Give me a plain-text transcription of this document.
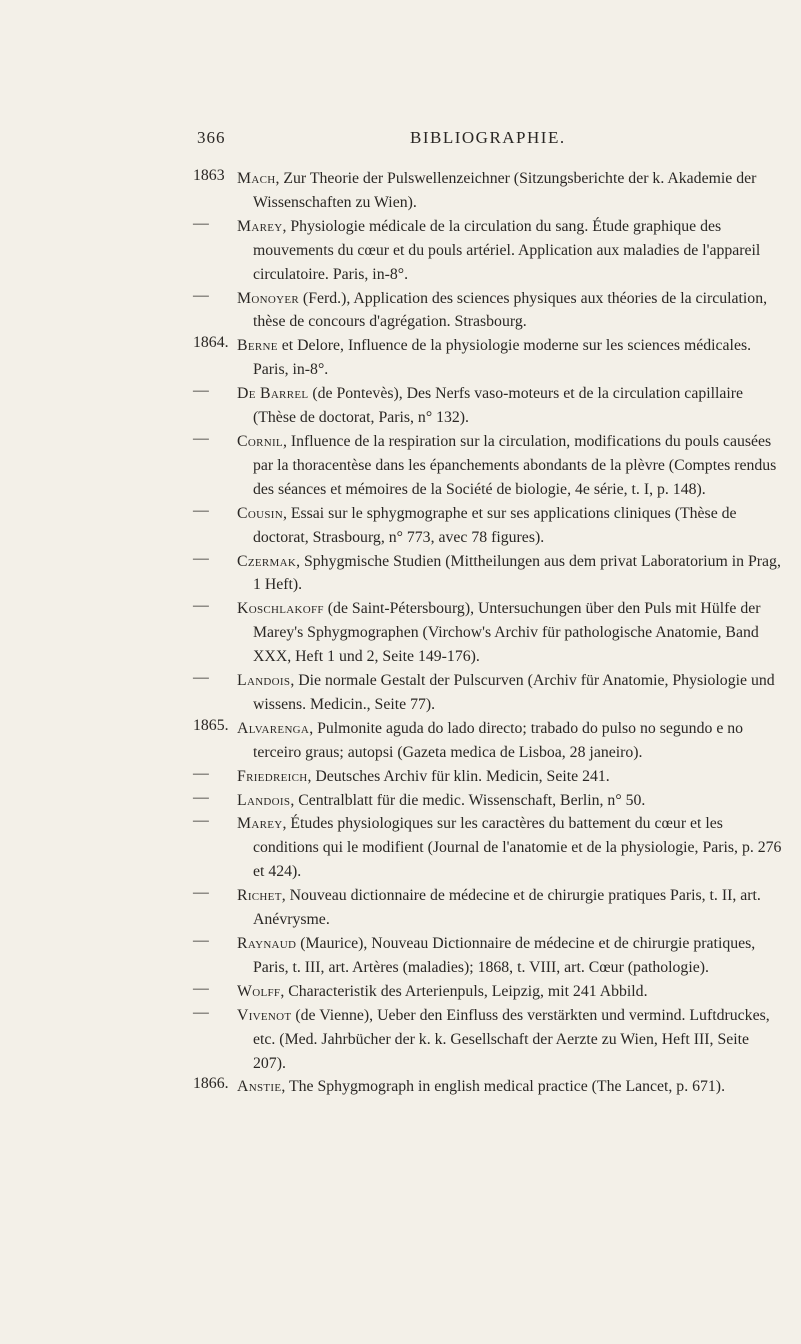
366	BIBLIOGRAPHIE.
1863 Mach, Zur Theorie der Pulswellenzeichner (Sitzungsberichte der k. Akademie der Wissenschaften zu Wien).
—	Marey, Physiologie médicale de la circulation du sang. Étude graphique des mouvements du cœur et du pouls artériel. Application aux maladies de l'appareil circulatoire. Paris, in-8°.
—	Monoyer (Ferd.), Application des sciences physiques aux théories de la circulation, thèse de concours d'agrégation. Strasbourg.
1864. Berne et Delore, Influence de la physiologie moderne sur les sciences médicales. Paris, in-8°.
—	De Barrel (de Pontevès), Des Nerfs vaso-moteurs et de la circulation capillaire (Thèse de doctorat, Paris, n° 132).
—	Cornil, Influence de la respiration sur la circulation, modifications du pouls causées par la thoracentèse dans les épanchements abondants de la plèvre (Comptes rendus des séances et mémoires de la Société de biologie, 4e série, t. I, p. 148).
—	Cousin, Essai sur le sphygmographe et sur ses applications cliniques (Thèse de doctorat, Strasbourg, n° 773, avec 78 figures).
—	Czermak, Sphygmische Studien (Mittheilungen aus dem privat Laboratorium in Prag, 1 Heft).
—	Koschlakoff (de Saint-Pétersbourg), Untersuchungen über den Puls mit Hülfe der Marey's Sphygmographen (Virchow's Archiv für pathologische Anatomie, Band XXX, Heft 1 und 2, Seite 149-176).
—	Landois, Die normale Gestalt der Pulscurven (Archiv für Anatomie, Physiologie und wissens. Medicin., Seite 77).
1865. Alvarenga, Pulmonite aguda do lado directo; trabado do pulso no segundo e no terceiro graus; autopsi (Gazeta medica de Lisboa, 28 janeiro).
—	Friedreich, Deutsches Archiv für klin. Medicin, Seite 241.
—	Landois, Centralblatt für die medic. Wissenschaft, Berlin, n° 50.
—	Marey, Études physiologiques sur les caractères du battement du cœur et les conditions qui le modifient (Journal de l'anatomie et de la physiologie, Paris, p. 276 et 424).
—	Richet, Nouveau dictionnaire de médecine et de chirurgie pratiques Paris, t. II, art. Anévrysme.
—	Raynaud (Maurice), Nouveau Dictionnaire de médecine et de chirurgie pratiques, Paris, t. III, art. Artères (maladies); 1868, t. VIII, art. Cœur (pathologie).
—	Wolff, Characteristik des Arterienpuls, Leipzig, mit 241 Abbild.
—	Vivenot (de Vienne), Ueber den Einfluss des verstärkten und vermind. Luftdruckes, etc. (Med. Jahrbücher der k. k. Gesellschaft der Aerzte zu Wien, Heft III, Seite 207).
1866. Anstie, The Sphygmograph in english medical practice (The Lancet, p. 671).
